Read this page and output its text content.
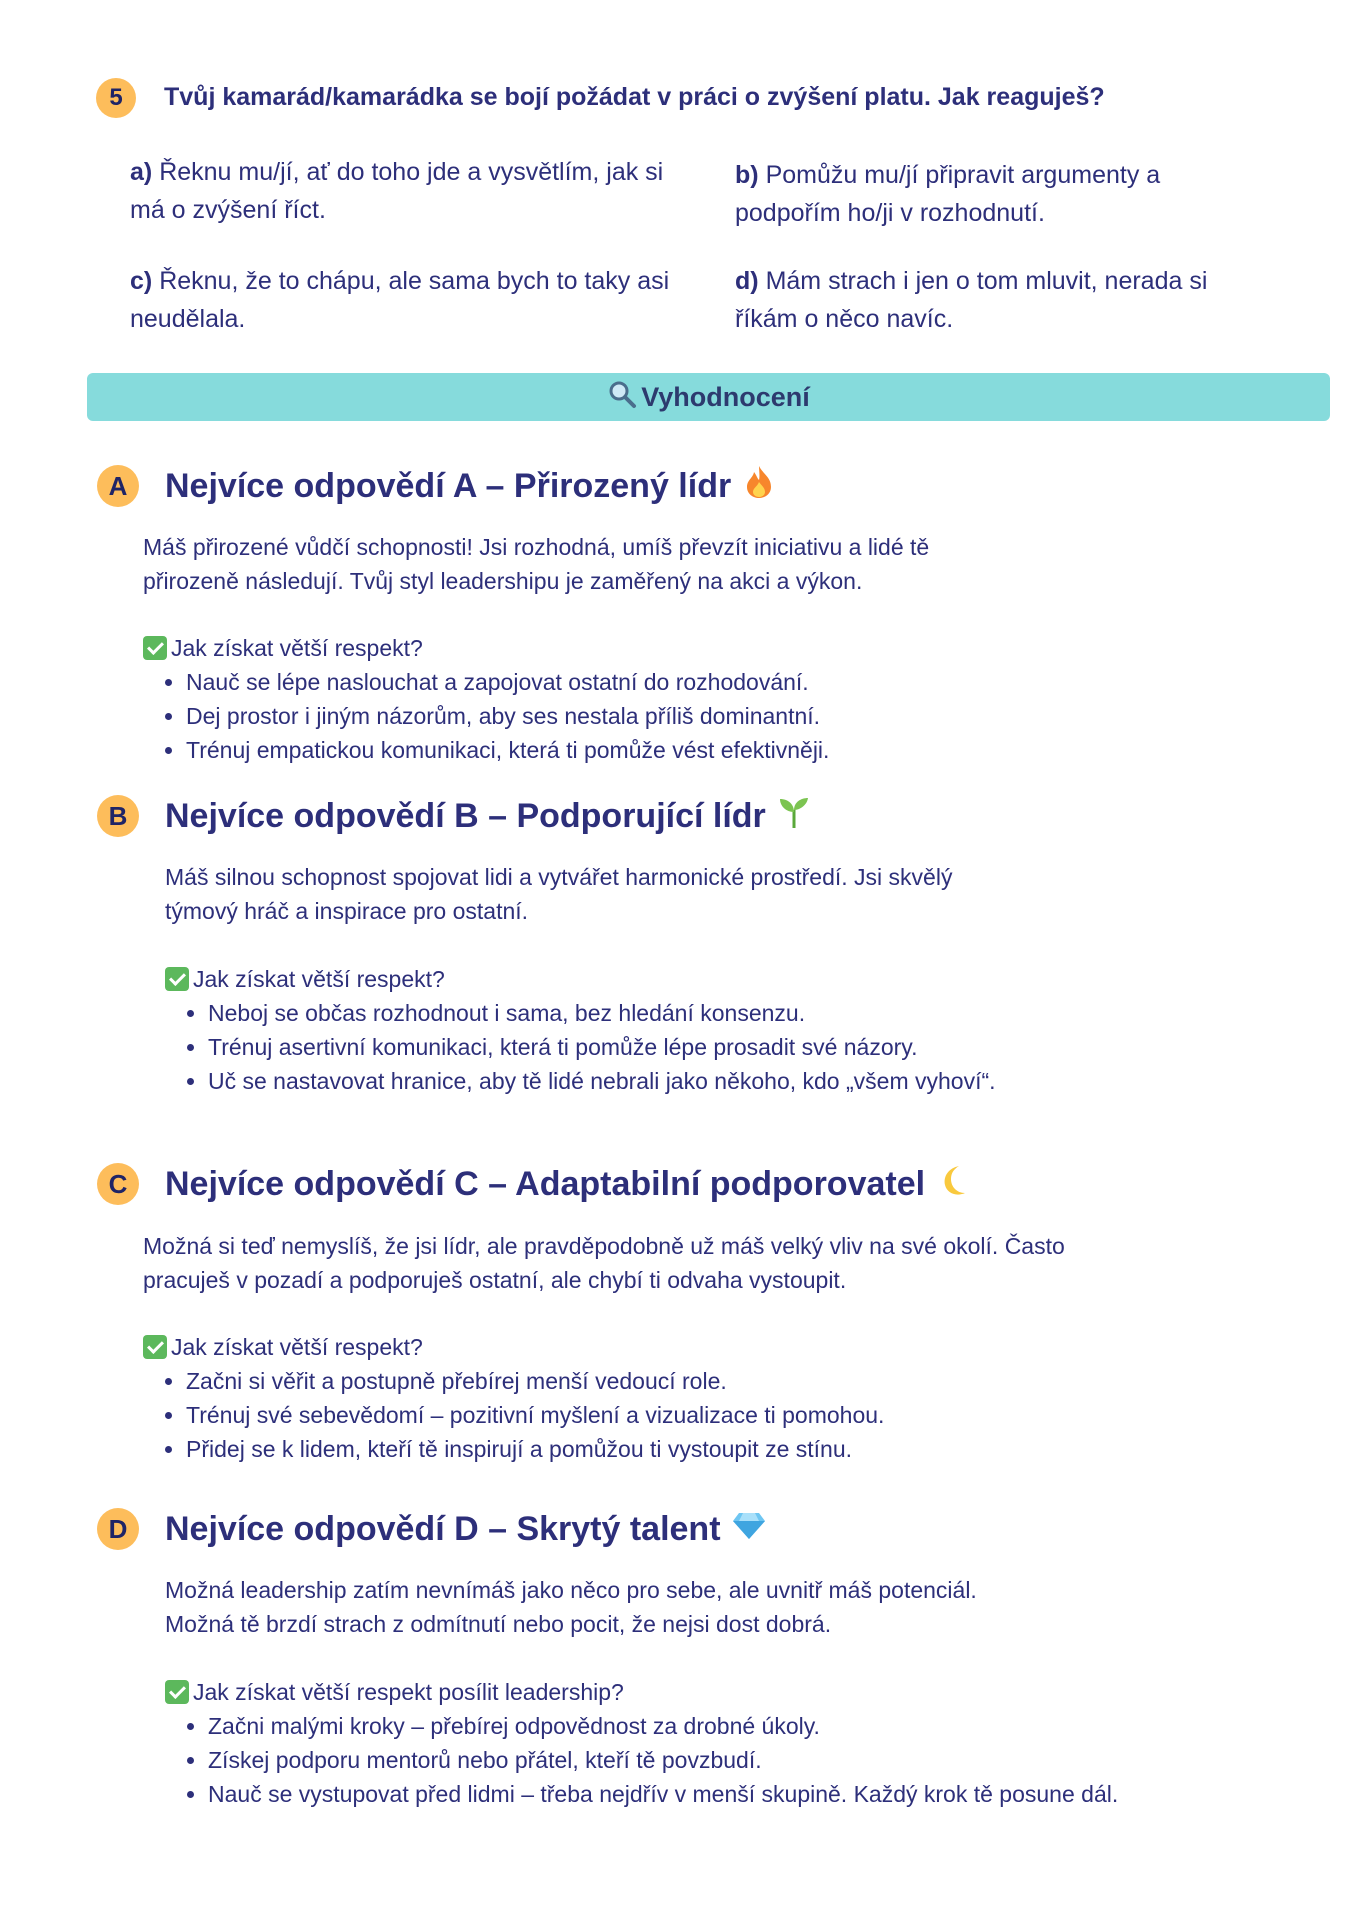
5	Tvůj kamarád/kamarádka se bojí požádat v práci o zvýšení platu. Jak reaguješ?
a) Řeknu mu/jí, ať do toho jde a vysvětlím, jak si má o zvýšení říct.
b) Pomůžu mu/jí připravit argumenty a podpořím ho/ji v rozhodnutí.
c) Řeknu, že to chápu, ale sama bych to taky asi neudělala.
d) Mám strach i jen o tom mluvit, nerada si říkám o něco navíc.
Vyhodnocení
A	Nejvíce odpovědí A – Přirozený lídr
Máš přirozené vůdčí schopnosti! Jsi rozhodná, umíš převzít iniciativu a lidé tě
přirozeně následují. Tvůj styl leadershipu je zaměřený na akci a výkon.
Jak získat větší respekt?
• Nauč se lépe naslouchat a zapojovat ostatní do rozhodování.
• Dej prostor i jiným názorům, aby ses nestala příliš dominantní.
• Trénuj empatickou komunikaci, která ti pomůže vést efektivněji.
B	Nejvíce odpovědí B – Podporující lídr
Máš silnou schopnost spojovat lidi a vytvářet harmonické prostředí. Jsi skvělý
týmový hráč a inspirace pro ostatní.
Jak získat větší respekt?
• Neboj se občas rozhodnout i sama, bez hledání konsenzu.
• Trénuj asertivní komunikaci, která ti pomůže lépe prosadit své názory.
• Uč se nastavovat hranice, aby tě lidé nebrali jako někoho, kdo „všem vyhoví“.
C	Nejvíce odpovědí C – Adaptabilní podporovatel
Možná si teď nemyslíš, že jsi lídr, ale pravděpodobně už máš velký vliv na své okolí. Často
pracuješ v pozadí a podporuješ ostatní, ale chybí ti odvaha vystoupit.
Jak získat větší respekt?
• Začni si věřit a postupně přebírej menší vedoucí role.
• Trénuj své sebevědomí – pozitivní myšlení a vizualizace ti pomohou.
• Přidej se k lidem, kteří tě inspirují a pomůžou ti vystoupit ze stínu.
D	Nejvíce odpovědí D – Skrytý talent
Možná leadership zatím nevnímáš jako něco pro sebe, ale uvnitř máš potenciál.
Možná tě brzdí strach z odmítnutí nebo pocit, že nejsi dost dobrá.
Jak získat větší respekt posílit leadership?
• Začni malými kroky – přebírej odpovědnost za drobné úkoly.
• Získej podporu mentorů nebo přátel, kteří tě povzbudí.
• Nauč se vystupovat před lidmi – třeba nejdřív v menší skupině. Každý krok tě posune dál.
